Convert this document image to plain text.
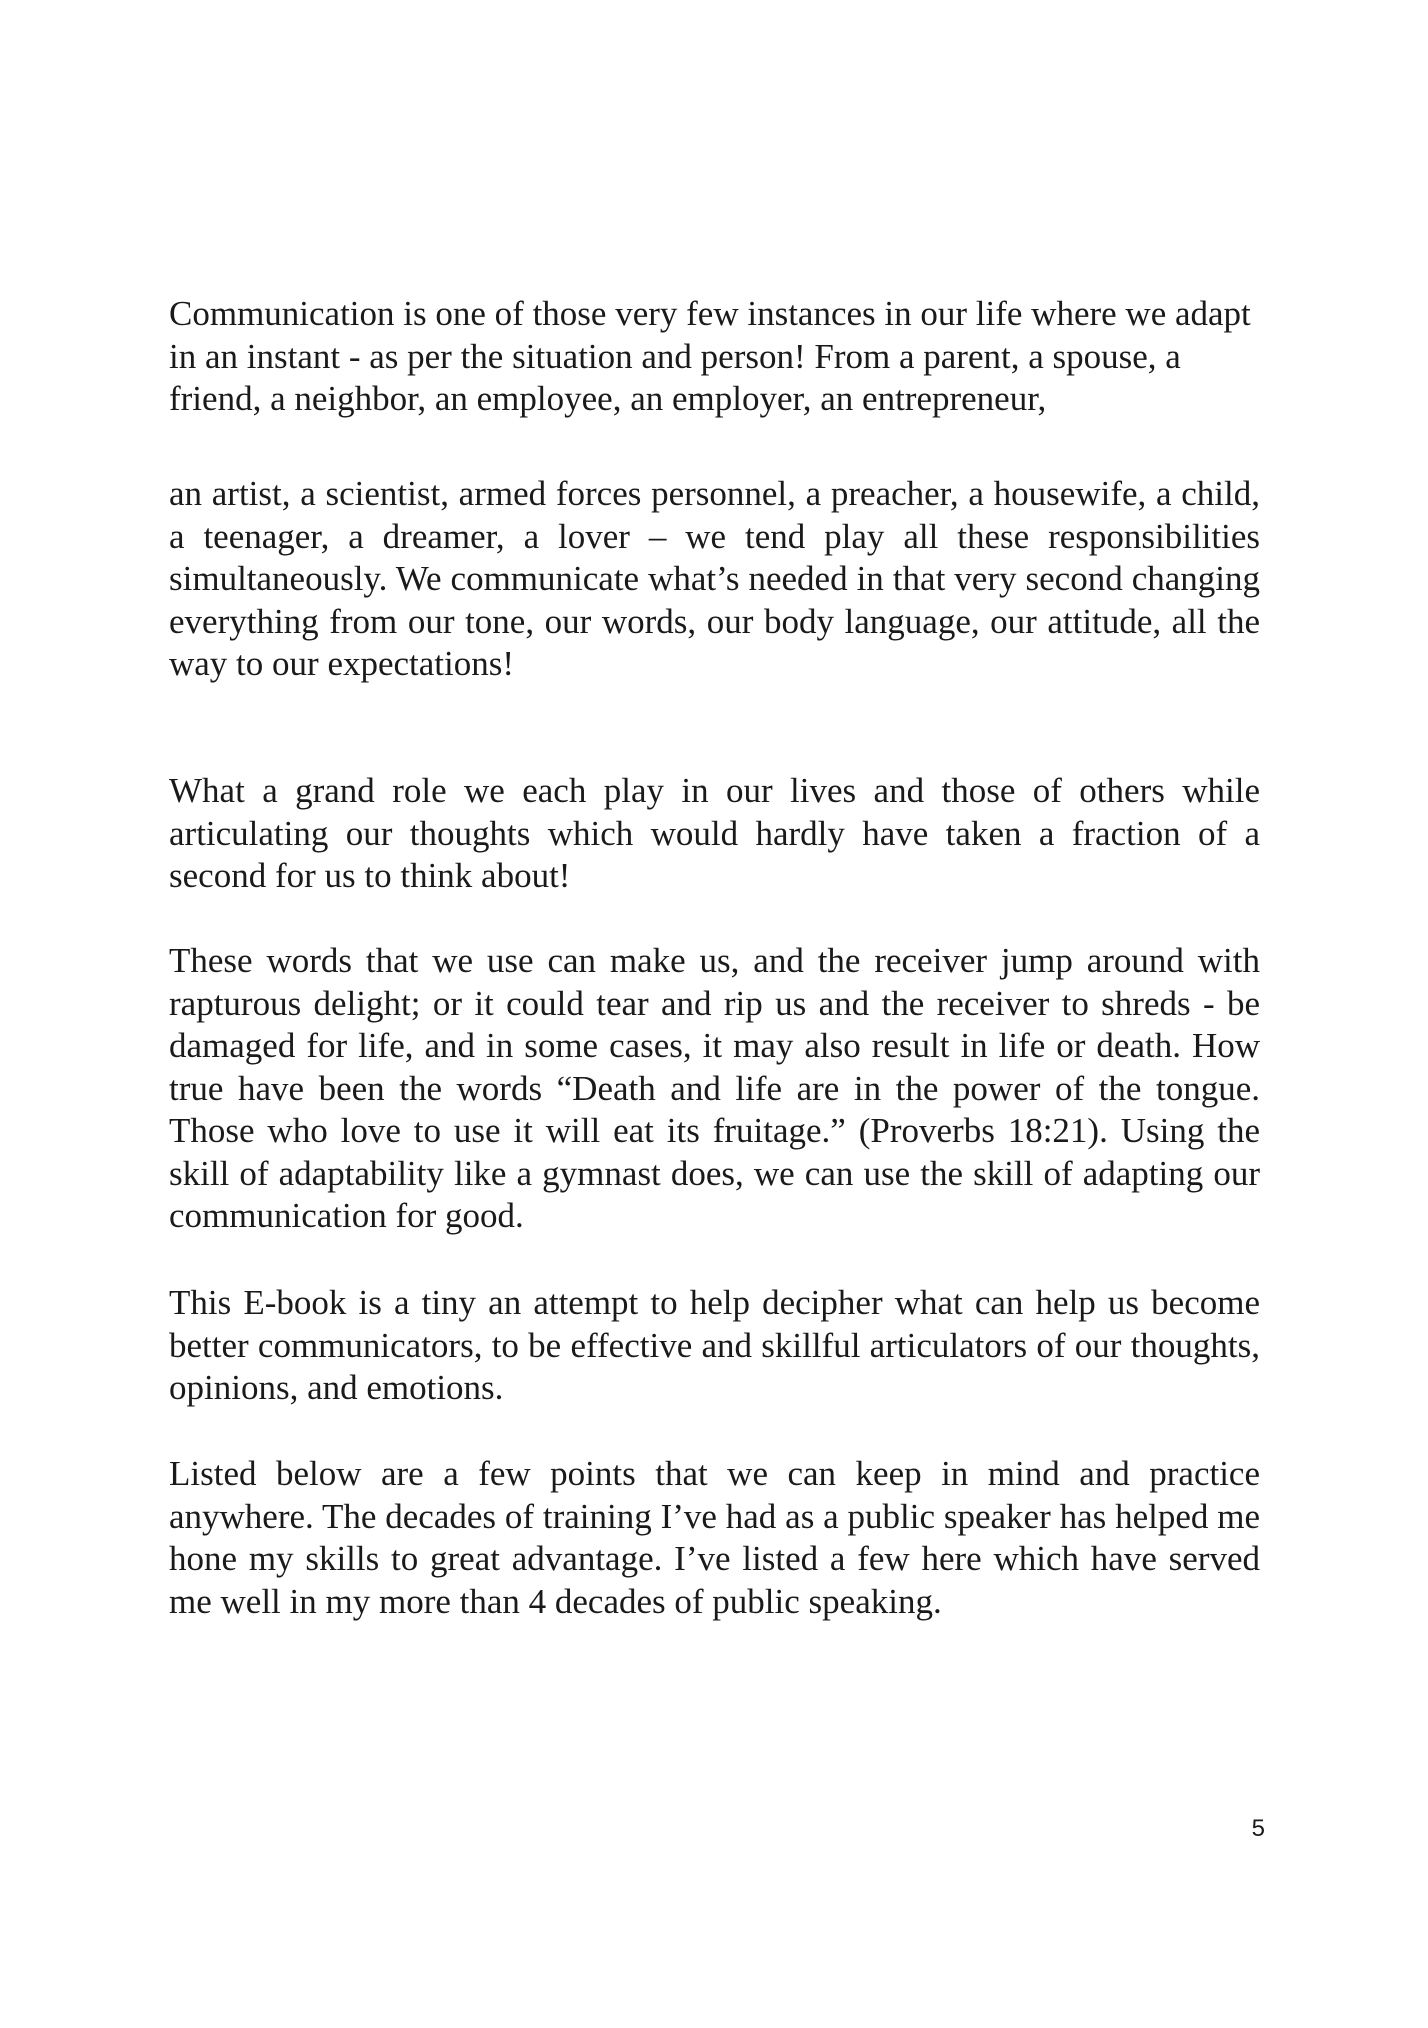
Communication is one of those very few instances in our life where we adapt in an instant - as per the situation and person! From a parent, a spouse, a friend, a neighbor, an employee, an employer, an entrepreneur,

an artist, a scientist, armed forces personnel, a preacher, a housewife, a child, a teenager, a dreamer, a lover – we tend play all these responsibilities simultaneously. We communicate what’s needed in that very second changing everything from our tone, our words, our body language, our attitude, all the way to our expectations!

What a grand role we each play in our lives and those of others while articulating our thoughts which would hardly have taken a fraction of a second for us to think about!

These words that we use can make us, and the receiver jump around with rapturous delight; or it could tear and rip us and the receiver to shreds - be damaged for life, and in some cases, it may also result in life or death. How true have been the words “Death and life are in the power of the tongue. Those who love to use it will eat its fruitage.” (Proverbs 18:21). Using the skill of adaptability like a gymnast does, we can use the skill of adapting our communication for good.

This E-book is a tiny an attempt to help decipher what can help us become better communicators, to be effective and skillful articulators of our thoughts, opinions, and emotions.

Listed below are a few points that we can keep in mind and practice anywhere. The decades of training I’ve had as a public speaker has helped me hone my skills to great advantage. I’ve listed a few here which have served me well in my more than 4 decades of public speaking.

5
